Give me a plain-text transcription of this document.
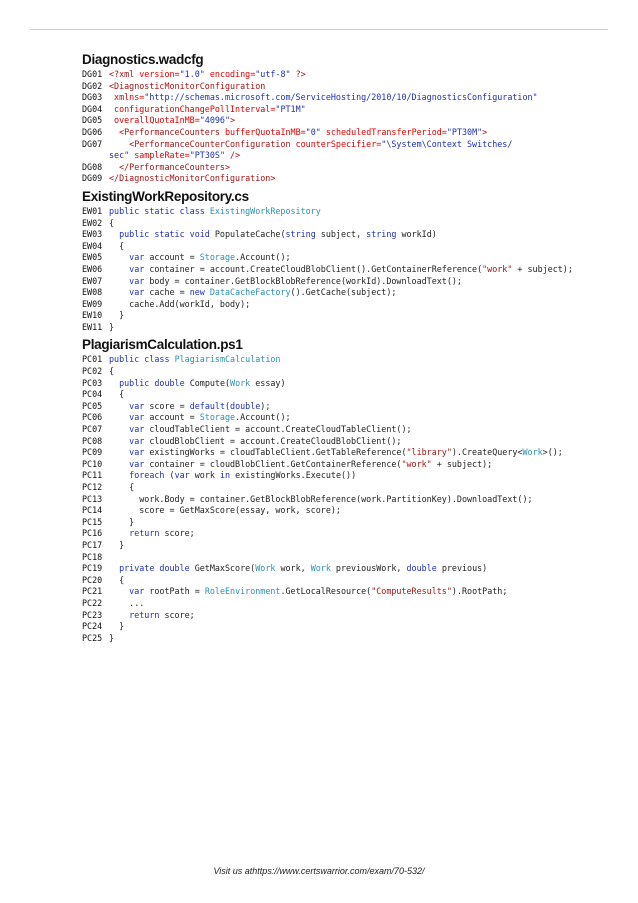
Diagnostics.wadcfg
DG01 <?xml version="1.0" encoding="utf-8" ?>
DG02 <DiagnosticMonitorConfiguration
DG03 xmlns="http://schemas.microsoft.com/ServiceHosting/2010/10/DiagnosticsConfiguration"
DG04 configurationChangePollInterval="PT1M"
DG05 overallQuotaInMB="4096">
DG06 <PerformanceCounters bufferQuotaInMB="0" scheduledTransferPeriod="PT30M">
DG07 <PerformanceCounterConfiguration counterSpecifier="\System\Context Switches/
sec" sampleRate="PT30S" />
DG08 </PerformanceCounters>
DG09 </DiagnosticMonitorConfiguration>
ExistingWorkRepository.cs
EW01 public static class ExistingWorkRepository
EW02 {
EW03 public static void PopulateCache(string subject, string workId)
EW04 {
EW05 var account = Storage.Account();
EW06 var container = account.CreateCloudBlobClient().GetContainerReference("work" + subject);
EW07 var body = container.GetBlockBlobReference(workId).DownloadText();
EW08 var cache = new DataCacheFactory().GetCache(subject);
EW09 cache.Add(workId, body);
EW10 }
EW11 }
PlagiarismCalculation.ps1
PC01 public class PlagiarismCalculation
PC02 {
PC03 public double Compute(Work essay)
PC04 {
PC05 var score = default(double);
PC06 var account = Storage.Account();
PC07 var cloudTableClient = account.CreateCloudTableClient();
PC08 var cloudBlobClient = account.CreateCloudBlobClient();
PC09 var existingWorks = cloudTableClient.GetTableReference("library").CreateQuery<Work>();
PC10 var container = cloudBlobClient.GetContainerReference("work" + subject);
PC11 foreach (var work in existingWorks.Execute())
PC12 {
PC13 work.Body = container.GetBlockBlobReference(work.PartitionKey).DownloadText();
PC14 score = GetMaxScore(essay, work, score);
PC15 }
PC16 return score;
PC17 }
PC18
PC19 private double GetMaxScore(Work work, Work previousWork, double previous)
PC20 {
PC21 var rootPath = RoleEnvironment.GetLocalResource("ComputeResults").RootPath;
PC22 ...
PC23 return score;
PC24 }
PC25 }
Visit us athttps://www.certswarrior.com/exam/70-532/
